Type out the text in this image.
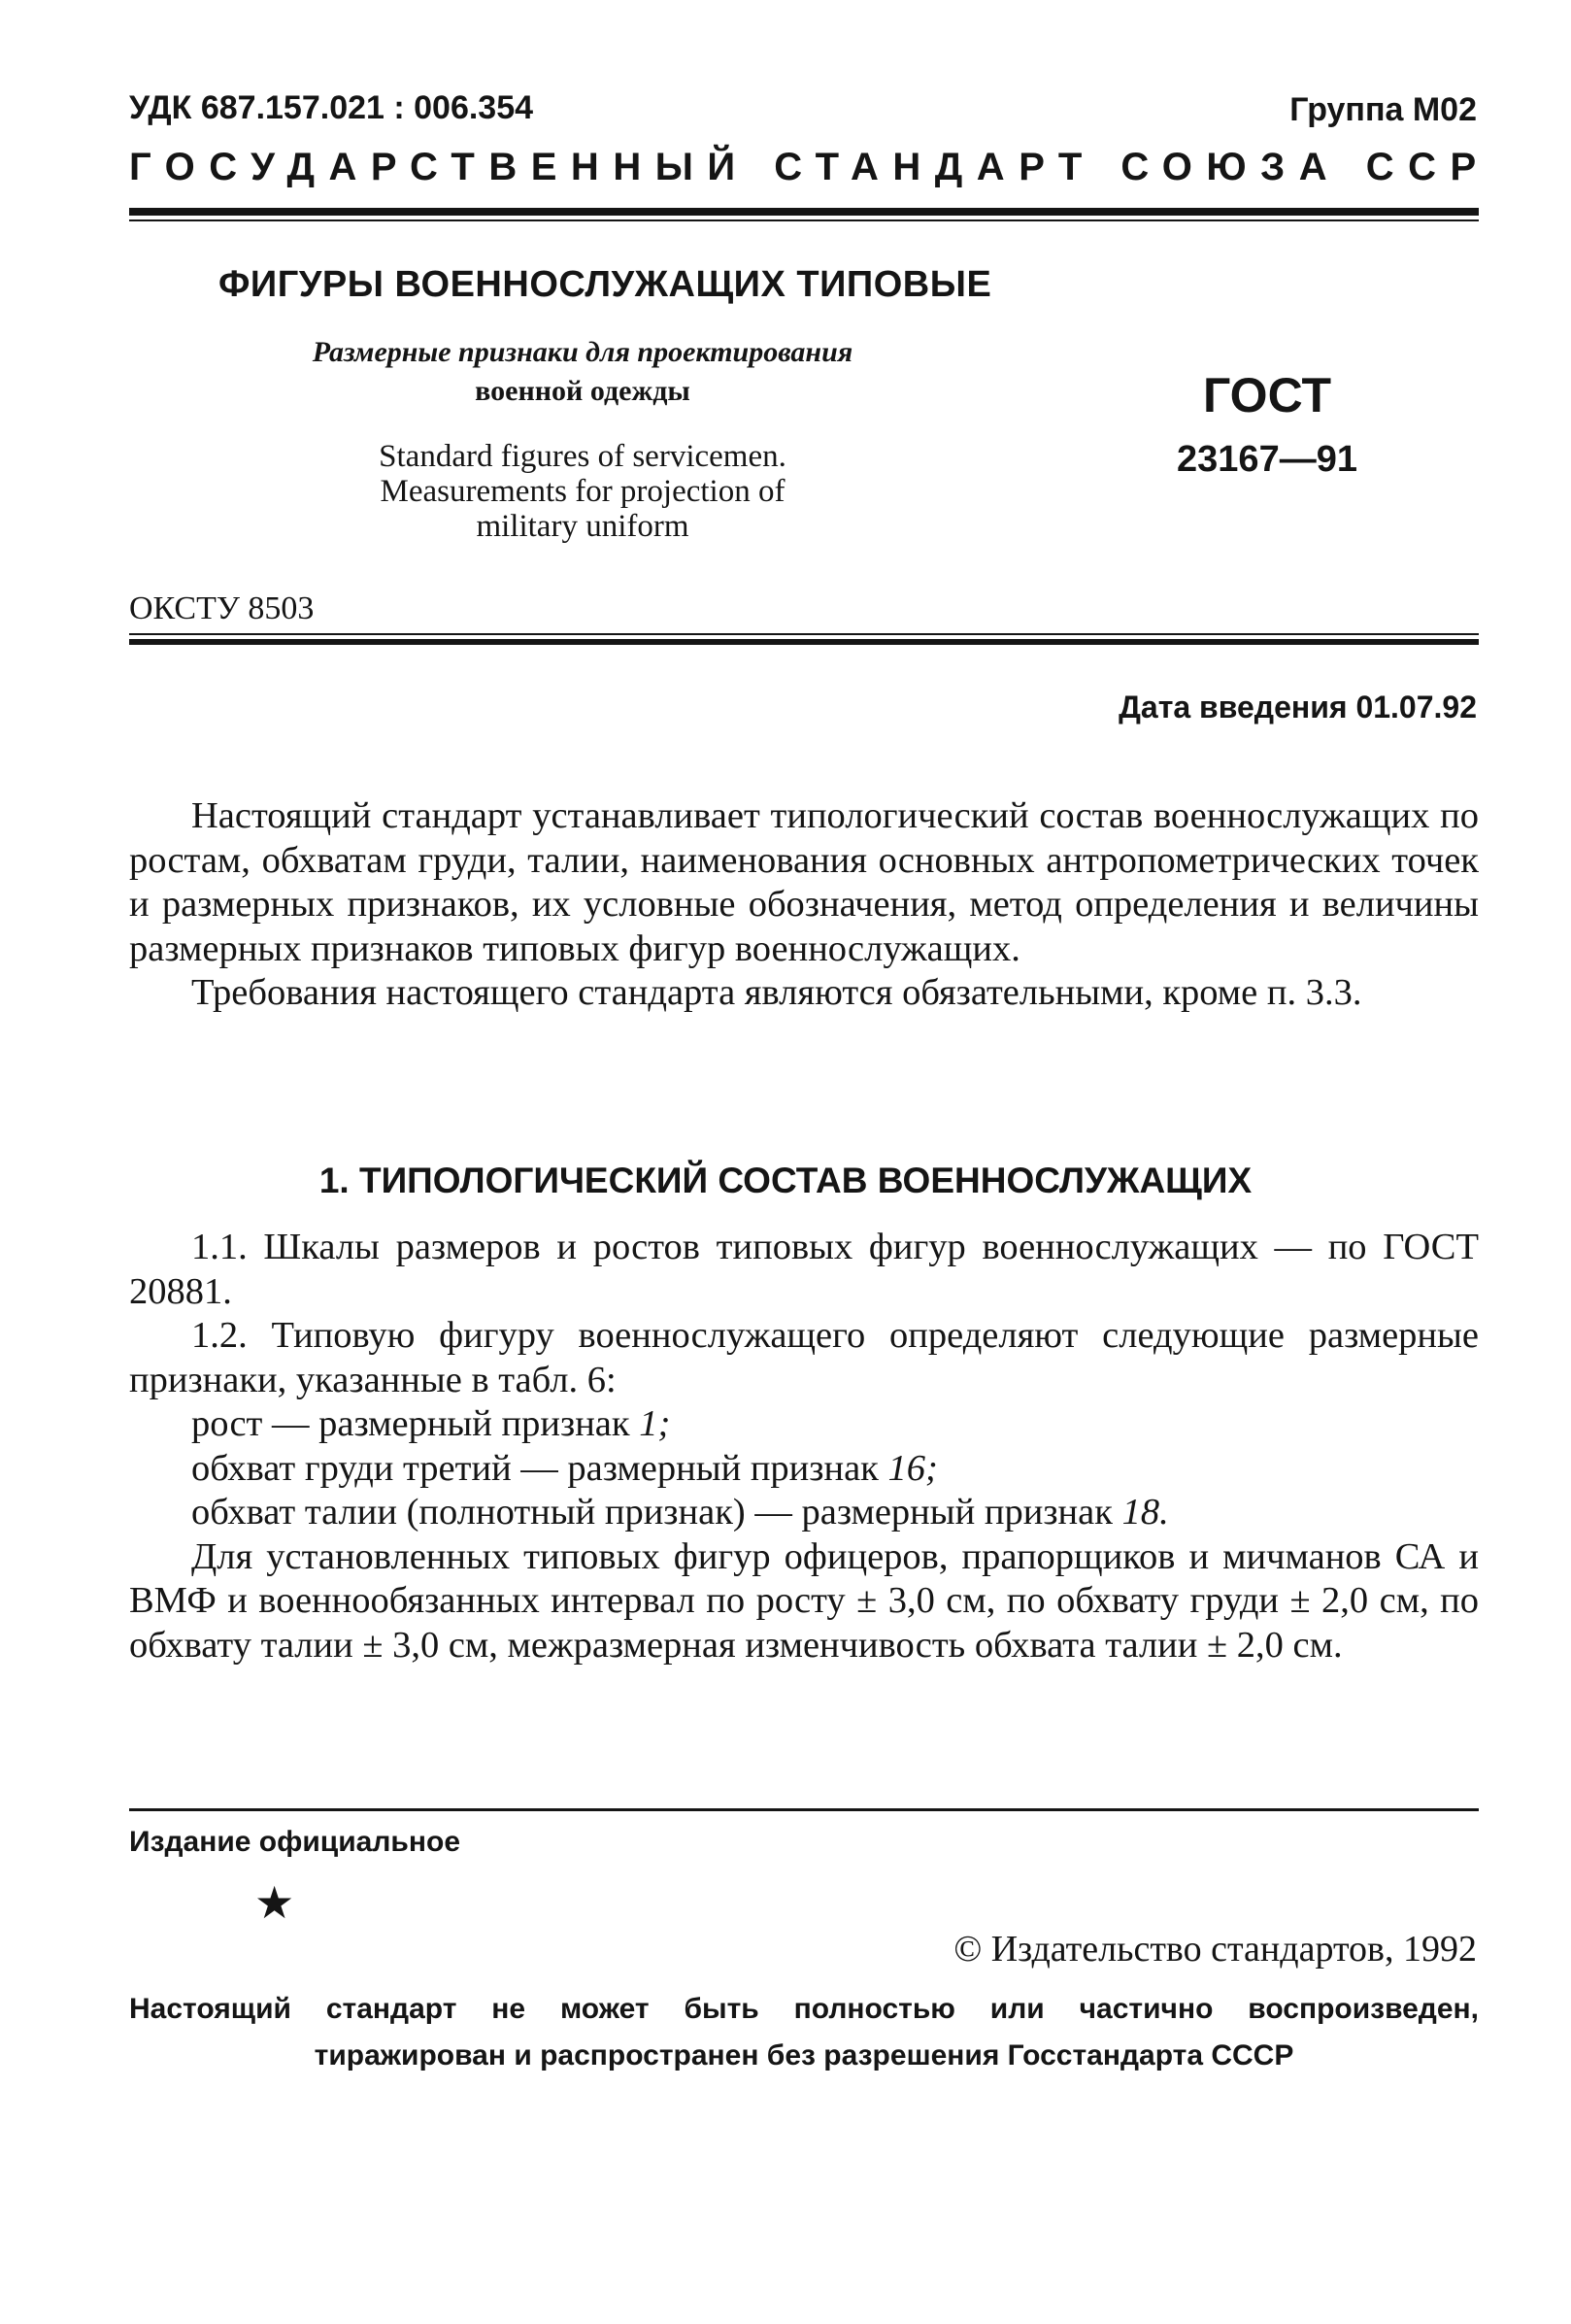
УДК 687.157.021 : 006.354	Группа М02
ГОСУДАРСТВЕННЫЙ СТАНДАРТ СОЮЗА ССР
ФИГУРЫ ВОЕННОСЛУЖАЩИХ ТИПОВЫЕ
Размерные признаки для проектирования
военной одежды
Standard figures of servicemen.
Measurements for projection of
military uniform
ГОСТ
23167—91
ОКСТУ 8503
Дата введения 01.07.92

Настоящий стандарт устанавливает типологический состав военнослужащих по ростам, обхватам груди, талии, наименования основных антропометрических точек и размерных признаков, их условные обозначения, метод определения и величины размерных признаков типовых фигур военнослужащих.

Требования настоящего стандарта являются обязательными, кроме п. 3.3.

1. ТИПОЛОГИЧЕСКИЙ СОСТАВ ВОЕННОСЛУЖАЩИХ

1.1. Шкалы размеров и ростов типовых фигур военнослужащих — по ГОСТ 20881.

1.2. Типовую фигуру военнослужащего определяют следующие размерные признаки, указанные в табл. 6:

рост — размерный признак 1;

обхват груди третий — размерный признак 16;

обхват талии (полнотный признак) — размерный признак 18.

Для установленных типовых фигур офицеров, прапорщиков и мичманов СА и ВМФ и военнообязанных интервал по росту ± 3,0 см, по обхвату груди ± 2,0 см, по обхвату талии ± 3,0 см, межразмерная изменчивость обхвата талии ± 2,0 см.

Издание официальное
★
© Издательство стандартов, 1992
Настоящий стандарт не может быть полностью или частично воспроизведен,
тиражирован и распространен без разрешения Госстандарта СССР
